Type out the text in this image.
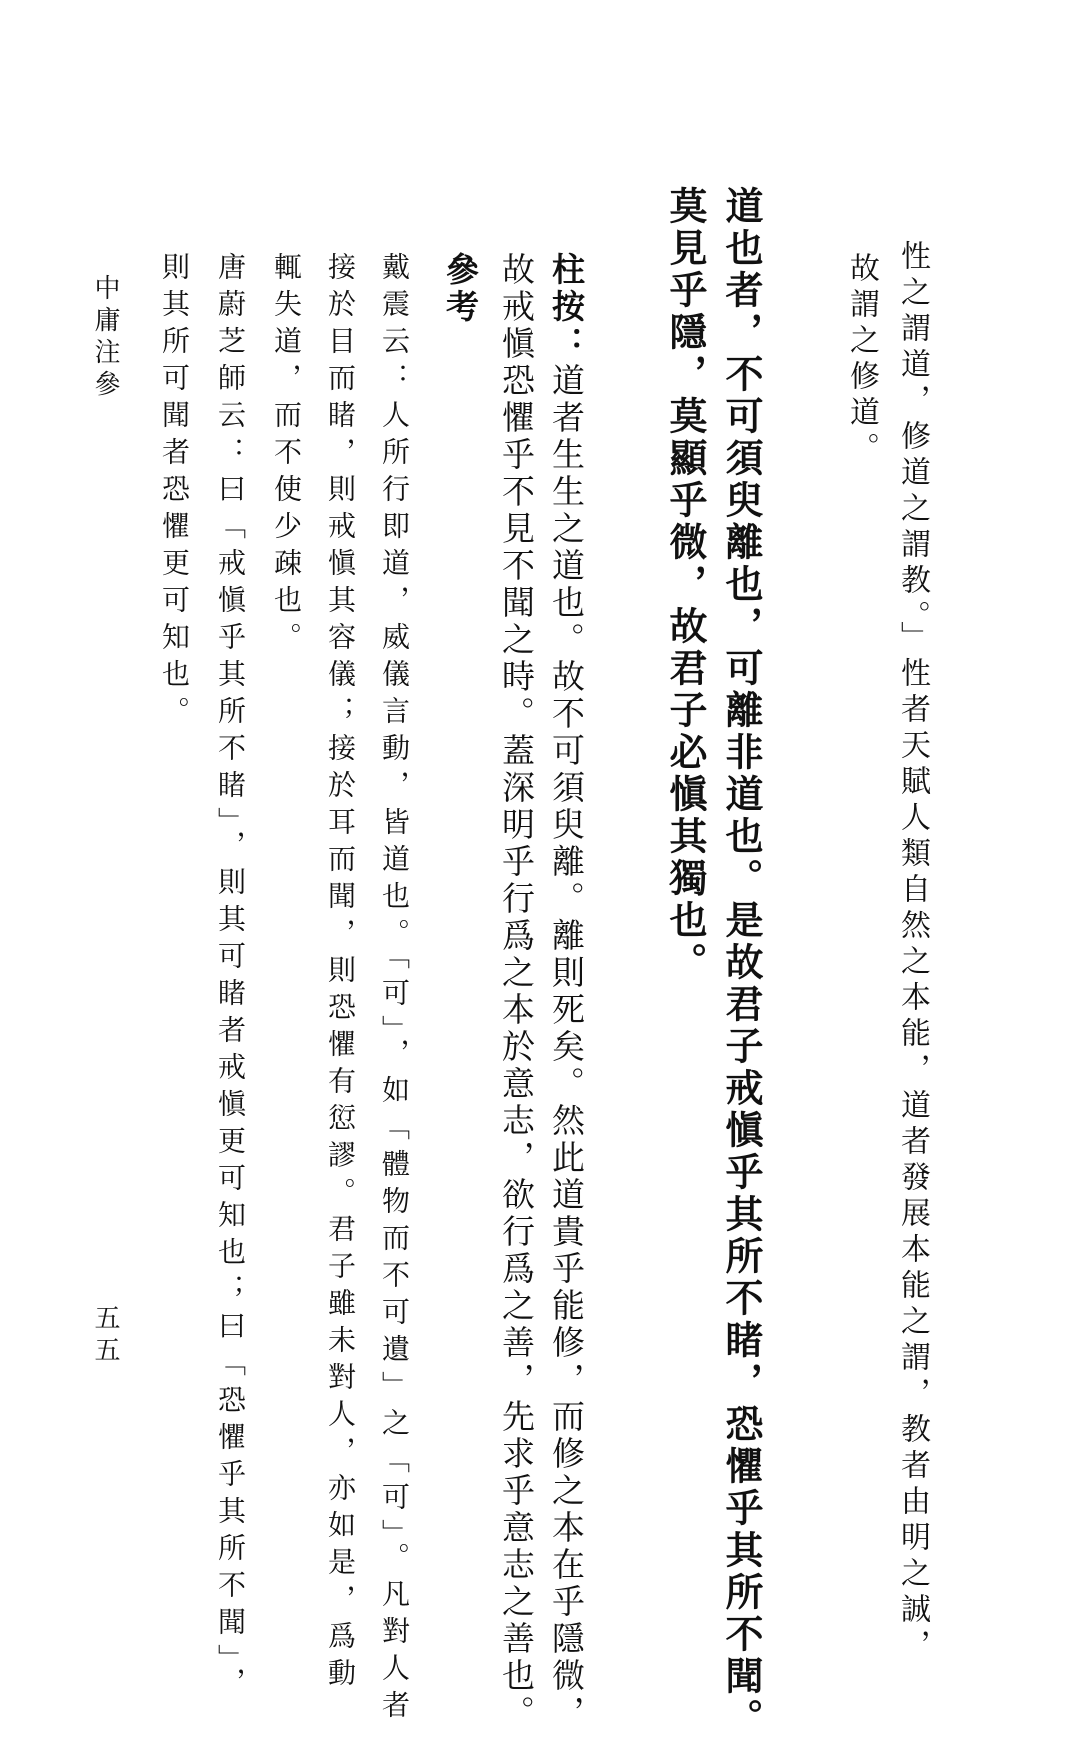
性之謂道，修道之謂教。」性者天賦人類自然之本能，道者發展本能之謂，教者由明之誠，

故謂之修道。

道也者，不可須臾離也，可離非道也。是故君子戒愼乎其所不睹，恐懼乎其所不聞。

莫見乎隱，莫顯乎微，故君子必愼其獨也。

柱按：道者生生之道也。故不可須臾離。離則死矣。然此道貴乎能修，而修之本在乎隱微，

故戒愼恐懼乎不見不聞之時。蓋深明乎行爲之本於意志，欲行爲之善，先求乎意志之善也。

參考

戴震云：人所行即道，威儀言動，皆道也。「可」，如「體物而不可遺」之「可」。凡對人者

接於目而睹，則戒愼其容儀；接於耳而聞，則恐懼有愆謬。君子雖未對人，亦如是，爲動

輒失道，而不使少疎也。

唐蔚芝師云：曰「戒愼乎其所不睹」，則其可睹者戒愼更可知也；曰「恐懼乎其所不聞」，

則其所可聞者恐懼更可知也。

中庸注參

五五
